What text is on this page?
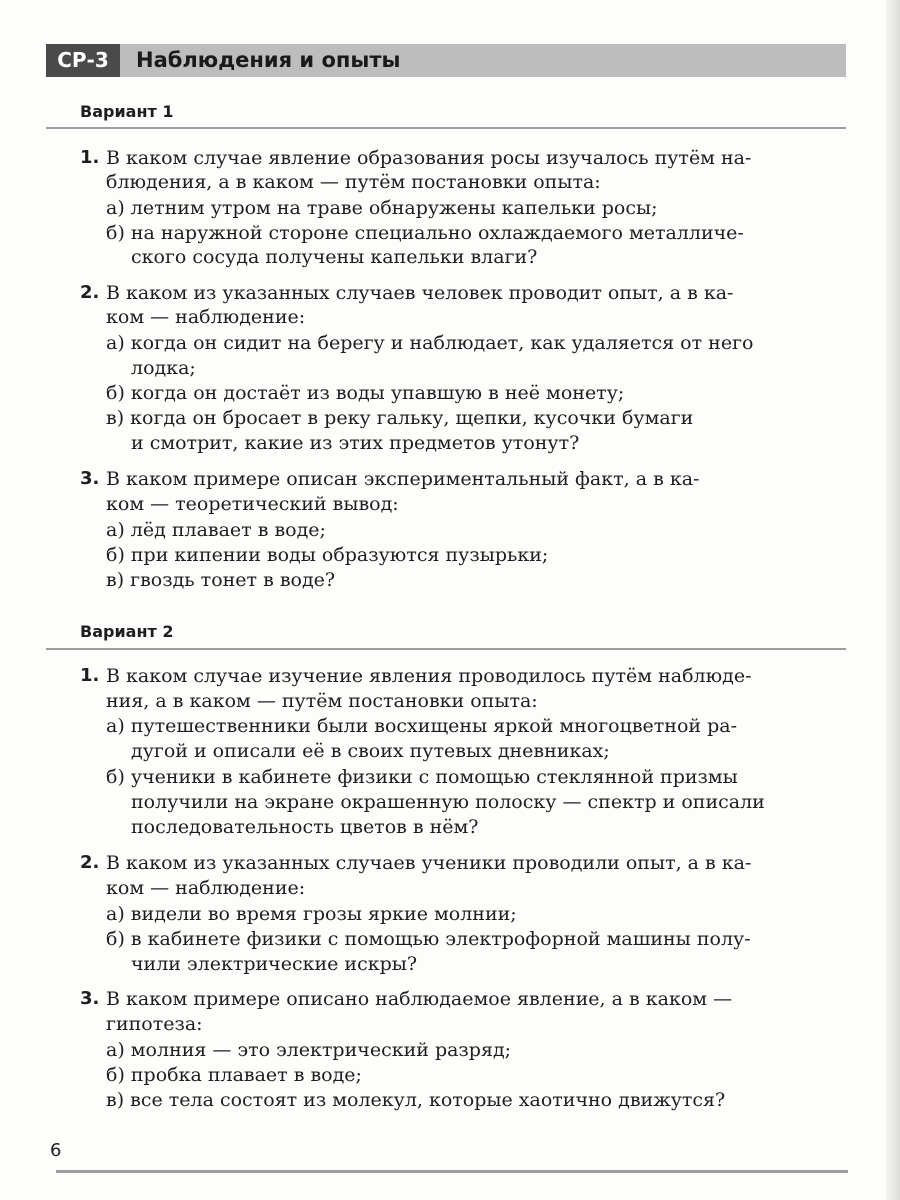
СР-3	Наблюдения и опыты
Вариант 1
1. В каком случае явление образования росы изучалось путём на-
блюдения, а в каком — путём постановки опыта:
а) летним утром на траве обнаружены капельки росы;
б) на наружной стороне специально охлаждаемого металличе-
ского сосуда получены капельки влаги?
2. В каком из указанных случаев человек проводит опыт, а в ка-
ком — наблюдение:
а) когда он сидит на берегу и наблюдает, как удаляется от него
лодка;
б) когда он достаёт из воды упавшую в неё монету;
в) когда он бросает в реку гальку, щепки, кусочки бумаги
и смотрит, какие из этих предметов утонут?
3. В каком примере описан экспериментальный факт, а в ка-
ком — теоретический вывод:
а) лёд плавает в воде;
б) при кипении воды образуются пузырьки;
в) гвоздь тонет в воде?
Вариант 2
1. В каком случае изучение явления проводилось путём наблюде-
ния, а в каком — путём постановки опыта:
а) путешественники были восхищены яркой многоцветной ра-
дугой и описали её в своих путевых дневниках;
б) ученики в кабинете физики с помощью стеклянной призмы
получили на экране окрашенную полоску — спектр и описали
последовательность цветов в нём?
2. В каком из указанных случаев ученики проводили опыт, а в ка-
ком — наблюдение:
а) видели во время грозы яркие молнии;
б) в кабинете физики с помощью электрофорной машины полу-
чили электрические искры?
3. В каком примере описано наблюдаемое явление, а в каком —
гипотеза:
а) молния — это электрический разряд;
б) пробка плавает в воде;
в) все тела состоят из молекул, которые хаотично движутся?
6
